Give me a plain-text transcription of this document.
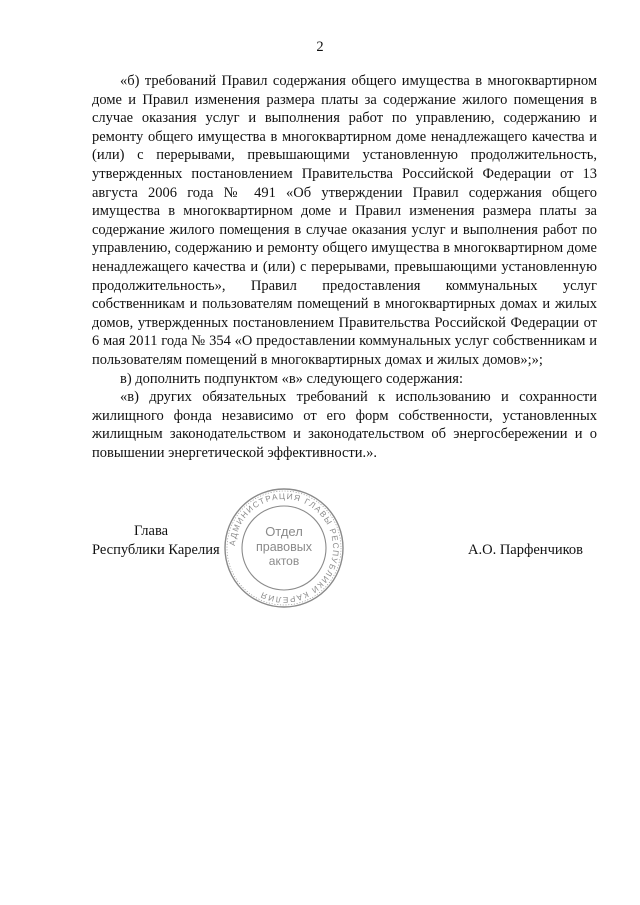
2

«б) требований Правил содержания общего имущества в многоквартирном доме и Правил изменения размера платы за содержание жилого помещения в случае оказания услуг и выполнения работ по управлению, содержанию и ремонту общего имущества в многоквартирном доме ненадлежащего качества и (или) с перерывами, превышающими установленную продолжительность, утвержденных постановлением Правительства Российской Федерации от 13 августа 2006 года № 491 «Об утверждении Правил содержания общего имущества в многоквартирном доме и Правил изменения размера платы за содержание жилого помещения в случае оказания услуг и выполнения работ по управлению, содержанию и ремонту общего имущества в многоквартирном доме ненадлежащего качества и (или) с перерывами, превышающими установленную продолжительность», Правил предоставления коммунальных услуг собственникам и пользователям помещений в многоквартирных домах и жилых домов, утвержденных постановлением Правительства Российской Федерации от 6 мая 2011 года № 354 «О предоставлении коммунальных услуг собственникам и пользователям помещений в многоквартирных домах и жилых домов»;»;

в) дополнить подпунктом «в» следующего содержания:

«в) других обязательных требований к использованию и сохранности жилищного фонда независимо от его форм собственности, установленных жилищным законодательством и законодательством об энергосбережении и о повышении энергетической эффективности.».

Глава
Республики Карелия	АДМИНИСТРАЦИЯ ГЛАВЫ РЕСПУБЛИКИ КАРЕЛИЯ
Отдел
правовых
актов
А.О. Парфенчиков
